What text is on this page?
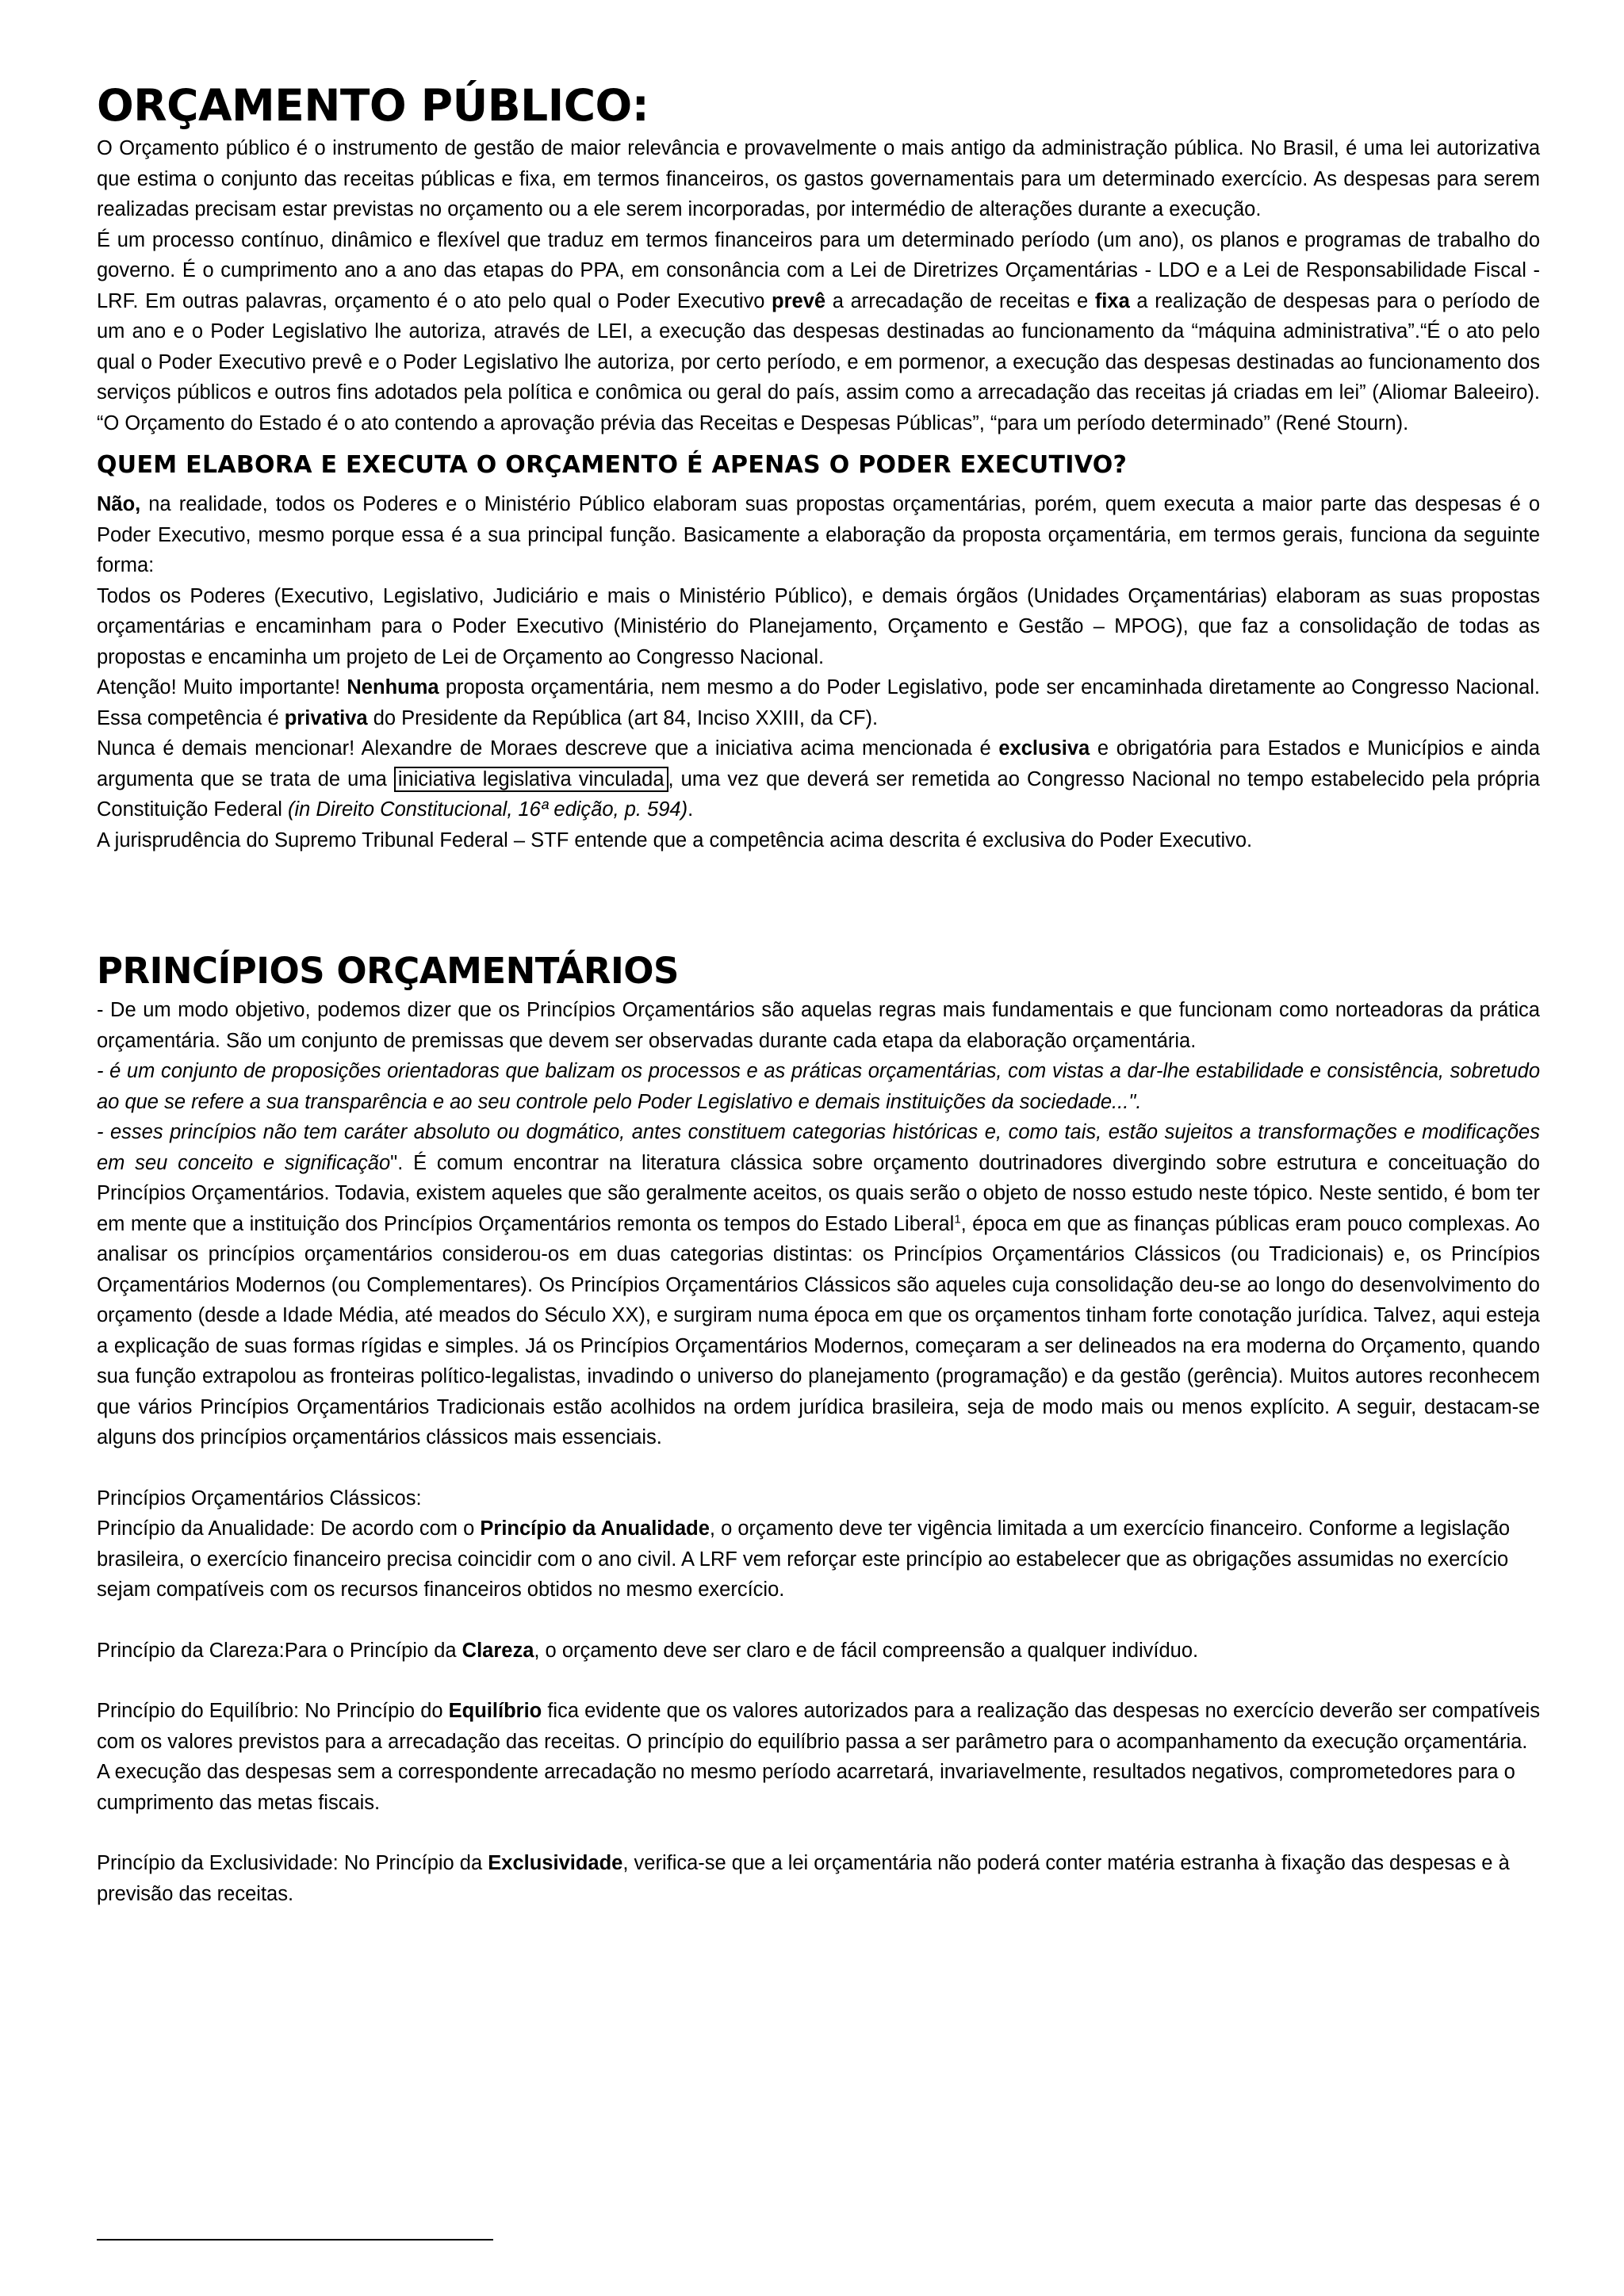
ORÇAMENTO PÚBLICO:

O Orçamento público é o instrumento de gestão de maior relevância e provavelmente o mais antigo da administração pública. No Brasil, é uma lei autorizativa que estima o conjunto das receitas públicas e fixa, em termos financeiros, os gastos governamentais para um determinado exercício. As despesas para serem realizadas precisam estar previstas no orçamento ou a ele serem incorporadas, por intermédio de alterações durante a execução.

É um processo contínuo, dinâmico e flexível que traduz em termos financeiros para um determinado período (um ano), os planos e programas de trabalho do governo. É o cumprimento ano a ano das etapas do PPA, em consonância com a Lei de Diretrizes Orçamentárias - LDO e a Lei de Responsabilidade Fiscal - LRF. Em outras palavras, orçamento é o ato pelo qual o Poder Executivo prevê a arrecadação de receitas e fixa a realização de despesas para o período de um ano e o Poder Legislativo lhe autoriza, através de LEI, a execução das despesas destinadas ao funcionamento da “máquina administrativa”.“É o ato pelo qual o Poder Executivo prevê e o Poder Legislativo lhe autoriza, por certo período, e em pormenor, a execução das despesas destinadas ao funcionamento dos serviços públicos e outros fins adotados pela política e conômica ou geral do país, assim como a arrecadação das receitas já criadas em lei” (Aliomar Baleeiro). “O Orçamento do Estado é o ato contendo a aprovação prévia das Receitas e Despesas Públicas”, “para um período determinado” (René Stourn).

QUEM ELABORA E EXECUTA O ORÇAMENTO É APENAS O PODER EXECUTIVO?

Não, na realidade, todos os Poderes e o Ministério Público elaboram suas propostas orçamentárias, porém, quem executa a maior parte das despesas é o Poder Executivo, mesmo porque essa é a sua principal função. Basicamente a elaboração da proposta orçamentária, em termos gerais, funciona da seguinte forma:

Todos os Poderes (Executivo, Legislativo, Judiciário e mais o Ministério Público), e demais órgãos (Unidades Orçamentárias) elaboram as suas propostas orçamentárias e encaminham para o Poder Executivo (Ministério do Planejamento, Orçamento e Gestão – MPOG), que faz a consolidação de todas as propostas e encaminha um projeto de Lei de Orçamento ao Congresso Nacional.

Atenção! Muito importante! Nenhuma proposta orçamentária, nem mesmo a do Poder Legislativo, pode ser encaminhada diretamente ao Congresso Nacional. Essa competência é privativa do Presidente da República (art 84, Inciso XXIII, da CF).

Nunca é demais mencionar! Alexandre de Moraes descreve que a iniciativa acima mencionada é exclusiva e obrigatória para Estados e Municípios e ainda argumenta que se trata de uma iniciativa legislativa vinculada , uma vez que deverá ser remetida ao Congresso Nacional no tempo estabelecido pela própria Constituição Federal (in Direito Constitucional, 16ª edição, p. 594).

A jurisprudência do Supremo Tribunal Federal – STF entende que a competência acima descrita é exclusiva do Poder Executivo.

PRINCÍPIOS ORÇAMENTÁRIOS

- De um modo objetivo, podemos dizer que os Princípios Orçamentários são aquelas regras mais fundamentais e que funcionam como norteadoras da prática orçamentária. São um conjunto de premissas que devem ser observadas durante cada etapa da elaboração orçamentária.

- é um conjunto de proposições orientadoras que balizam os processos e as práticas orçamentárias, com vistas a dar-lhe estabilidade e consistência, sobretudo ao que se refere a sua transparência e ao seu controle pelo Poder Legislativo e demais instituições da sociedade...".

- esses princípios não tem caráter absoluto ou dogmático, antes constituem categorias históricas e, como tais, estão sujeitos a transformações e modificações em seu conceito e significação". É comum encontrar na literatura clássica sobre orçamento doutrinadores divergindo sobre estrutura e conceituação do Princípios Orçamentários. Todavia, existem aqueles que são geralmente aceitos, os quais serão o objeto de nosso estudo neste tópico. Neste sentido, é bom ter em mente que a instituição dos Princípios Orçamentários remonta os tempos do Estado Liberal$^1$, época em que as finanças públicas eram pouco complexas. Ao analisar os princípios orçamentários considerou-os em duas categorias distintas: os Princípios Orçamentários Clássicos (ou Tradicionais) e, os Princípios Orçamentários Modernos (ou Complementares). Os Princípios Orçamentários Clássicos são aqueles cuja consolidação deu-se ao longo do desenvolvimento do orçamento (desde a Idade Média, até meados do Século XX), e surgiram numa época em que os orçamentos tinham forte conotação jurídica. Talvez, aqui esteja a explicação de suas formas rígidas e simples. Já os Princípios Orçamentários Modernos, começaram a ser delineados na era moderna do Orçamento, quando sua função extrapolou as fronteiras político-legalistas, invadindo o universo do planejamento (programação) e da gestão (gerência). Muitos autores reconhecem que vários Princípios Orçamentários Tradicionais estão acolhidos na ordem jurídica brasileira, seja de modo mais ou menos explícito. A seguir, destacam-se alguns dos princípios orçamentários clássicos mais essenciais.

Princípios Orçamentários Clássicos:

Princípio da Anualidade: De acordo com o Princípio da Anualidade, o orçamento deve ter vigência limitada a um exercício financeiro. Conforme a legislação brasileira, o exercício financeiro precisa coincidir com o ano civil. A LRF vem reforçar este princípio ao estabelecer que as obrigações assumidas no exercício sejam compatíveis com os recursos financeiros obtidos no mesmo exercício.

Princípio da Clareza:Para o Princípio da Clareza, o orçamento deve ser claro e de fácil compreensão a qualquer indivíduo.

Princípio do Equilíbrio: No Princípio do Equilíbrio fica evidente que os valores autorizados para a realização das despesas no exercício deverão ser compatíveis com os valores previstos para a arrecadação das receitas. O princípio do equilíbrio passa a ser parâmetro para o acompanhamento da execução orçamentária. A execução das despesas sem a correspondente arrecadação no mesmo período acarretará, invariavelmente, resultados negativos, comprometedores para o cumprimento das metas fiscais.

Princípio da Exclusividade: No Princípio da Exclusividade, verifica-se que a lei orçamentária não poderá conter matéria estranha à fixação das despesas e à previsão das receitas.
